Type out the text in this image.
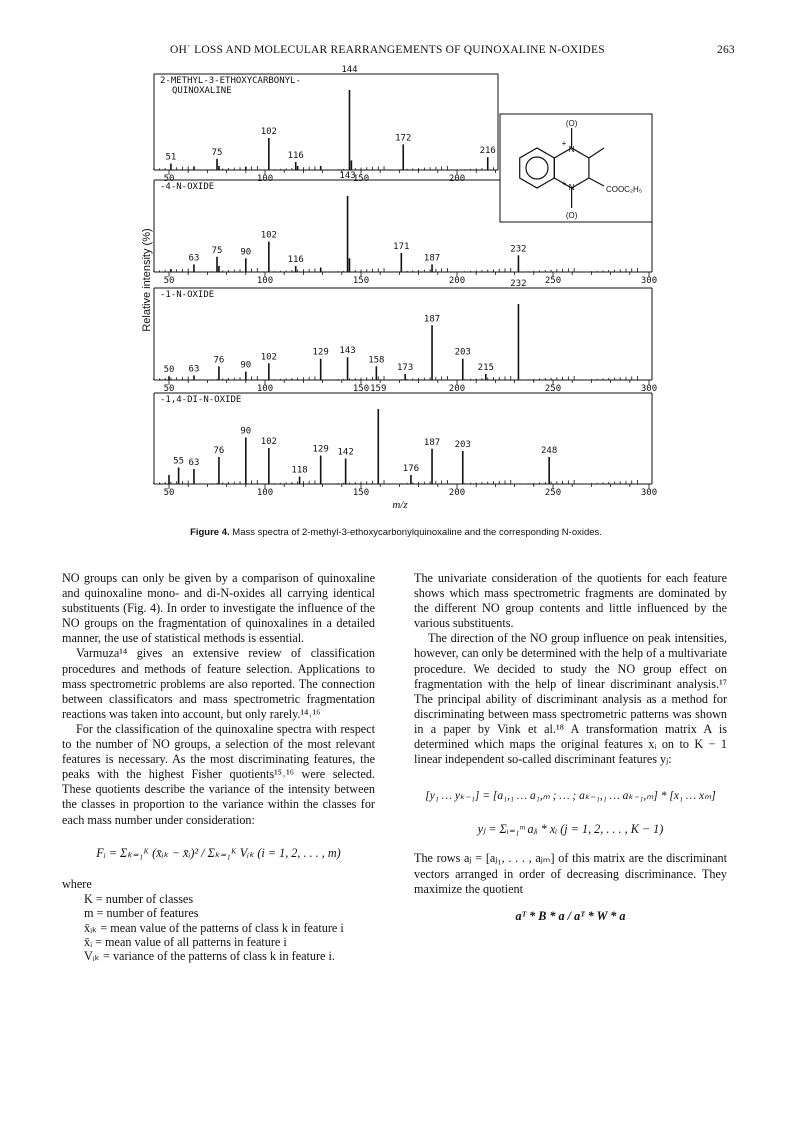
OH˙ LOSS AND MOLECULAR REARRANGEMENTS OF QUINOXALINE N-OXIDES	263
Relative intensity (%)
50	100	150	200
2-METHYL-3-ETHOXYCARBONYL-
QUINOXALINE
51	75
102
116
144
172
216
50	100	150	200	250	300
-4-N-OXIDE
63
75 90
102
116
143
171
187
232
50	100	150	200	250	300
-1-N-OXIDE
50 63
76
90
102	129 143
158
173
187
203
215
232
50	100	150	200	250	300
-1,4-DI-N-OXIDE
55 63
76
90
102
118
129 142
159
176
187 203
248
m/z
(O)
(O)
N
N
+
+
COOC₂H₅
Figure 4. Mass spectra of 2-methyl-3-ethoxycarbonylquinoxaline and the corresponding N-oxides.

NO groups can only be given by a comparison of quinoxaline and quinoxaline mono- and di-N-oxides all carrying identical substituents (Fig. 4). In order to investigate the influence of the NO groups on the fragmentation of quinoxalines in a detailed manner, the use of statistical methods is essential.

Varmuza¹⁴ gives an extensive review of classification procedures and methods of feature selection. Applications to mass spectrometric problems are also reported. The connection between classificators and mass spectrometric fragmentation reactions was taken into account, but only rarely.¹⁴˒¹⁶

For the classification of the quinoxaline spectra with respect to the number of NO groups, a selection of the most relevant features is necessary. As the most discriminating features, the peaks with the highest Fisher quotients¹⁵˒¹⁶ were selected. These quotients describe the variance of the intensity between the classes in proportion to the variance within the classes for each mass number under consideration:

Fᵢ = Σₖ₌₁ᴷ (x̄ᵢₖ − x̄ᵢ)² / Σₖ₌₁ᴷ Vᵢₖ (i = 1, 2, . . . , m)

where

K = number of classes
m = number of features
x̄ᵢₖ = mean value of the patterns of class k in feature i
x̄ᵢ = mean value of all patterns in feature i
Vᵢₖ = variance of the patterns of class k in feature i.

The univariate consideration of the quotients for each feature shows which mass spectrometric fragments are dominated by the different NO group contents and little influenced by the various substituents.

The direction of the NO group influence on peak intensities, however, can only be determined with the help of a multivariate procedure. We decided to study the NO group effect on fragmentation with the help of linear discriminant analysis.¹⁷ The principal ability of discriminant analysis as a method for discriminating between mass spectrometric patterns was shown in a paper by Vink et al.¹⁸ A transformation matrix A is determined which maps the original features xᵢ on to K − 1 linear independent so-called discriminant features yⱼ:

[y₁ … yₖ₋₁] = [a₁,₁ … a₁,ₘ ; … ; aₖ₋₁,₁ … aₖ₋₁,ₘ] * [x₁ … xₘ]

yⱼ = Σᵢ₌₁ᵐ aⱼᵢ * xᵢ (j = 1, 2, . . . , K − 1)

The rows aⱼ = [aⱼ₁, . . . , aⱼₘ] of this matrix are the discriminant vectors arranged in order of decreasing discriminance. They maximize the quotient

aᵀ * B * a / aᵀ * W * a
